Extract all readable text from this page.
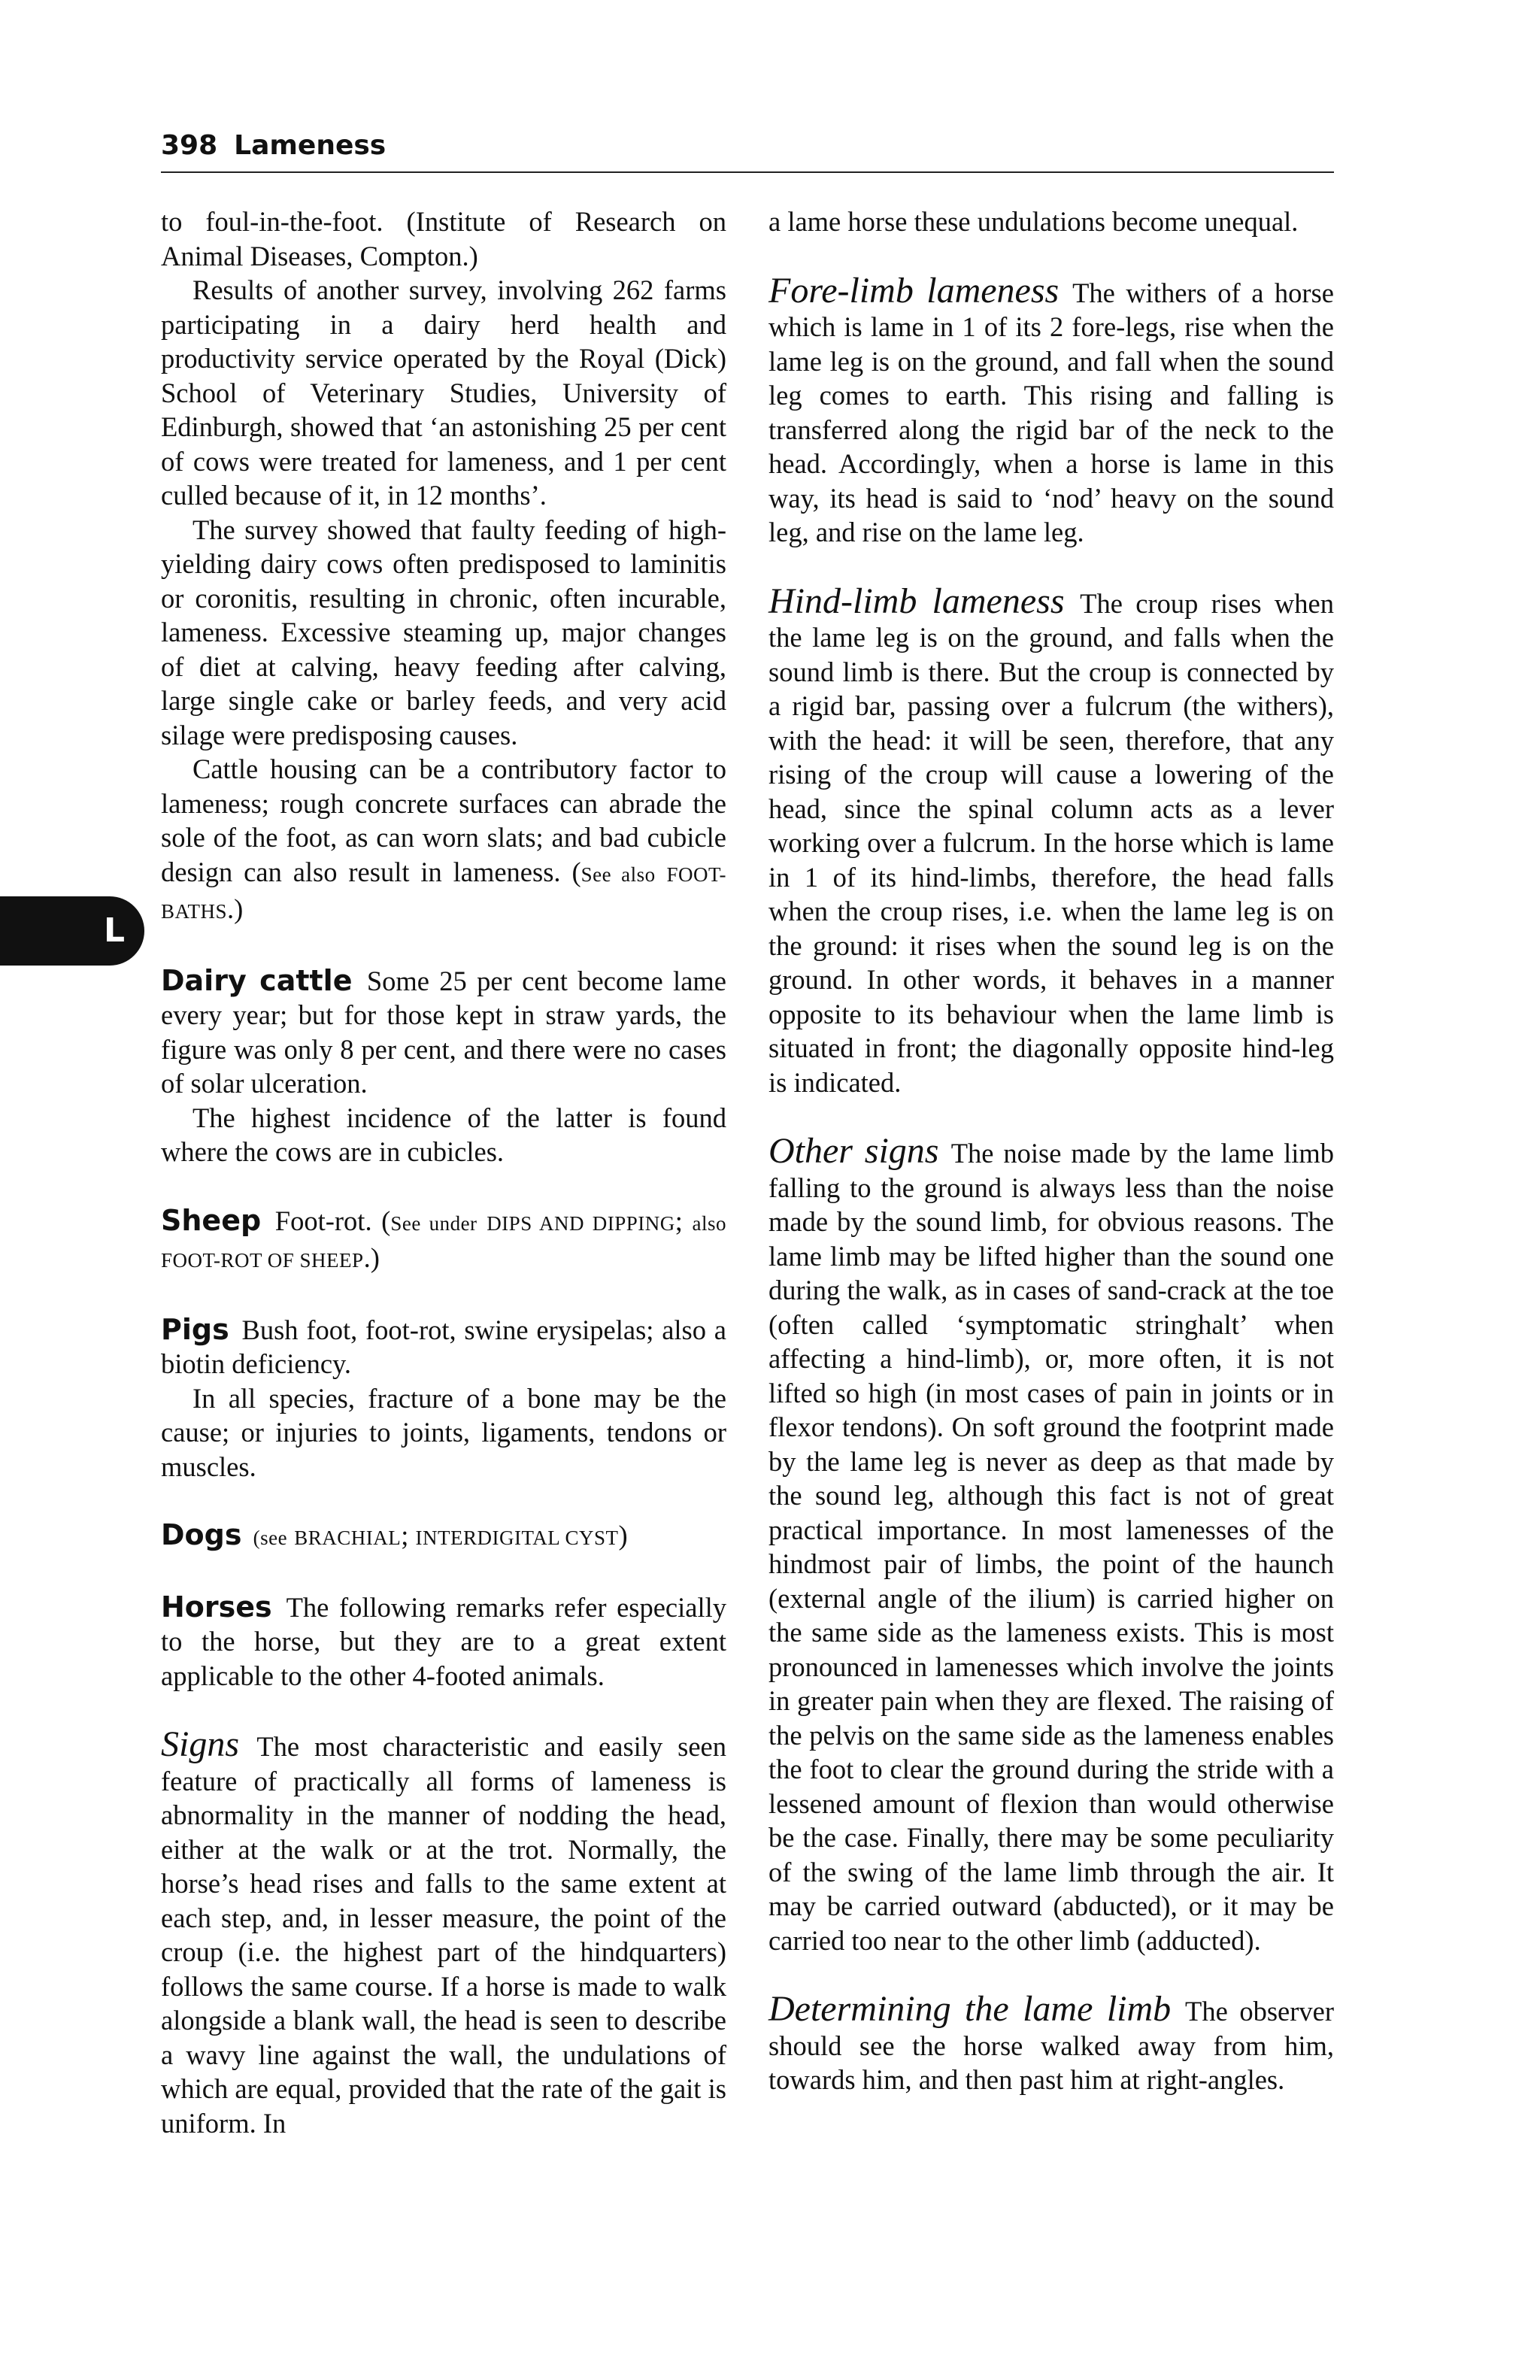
398 Lameness
L

to foul-in-the-foot. (Institute of Research on Animal Diseases, Compton.)

Results of another survey, involving 262 farms participating in a dairy herd health and productivity service operated by the Royal (Dick) School of Veterinary Studies, University of Edinburgh, showed that ‘an astonishing 25 per cent of cows were treated for lameness, and 1 per cent culled because of it, in 12 months’.

The survey showed that faulty feeding of high-yielding dairy cows often predisposed to laminitis or coronitis, resulting in chronic, often incurable, lameness. Excessive steaming up, major changes of diet at calving, heavy feeding after calving, large single cake or barley feeds, and very acid silage were predisposing causes.

Cattle housing can be a contributory factor to lameness; rough concrete surfaces can abrade the sole of the foot, as can worn slats; and bad cubicle design can also result in lameness. (See also FOOT-BATHS.)

Dairy cattle Some 25 per cent become lame every year; but for those kept in straw yards, the figure was only 8 per cent, and there were no cases of solar ulceration.

The highest incidence of the latter is found where the cows are in cubicles.

Sheep Foot-rot. (See under DIPS AND DIPPING; also FOOT-ROT OF SHEEP.)

Pigs Bush foot, foot-rot, swine erysipelas; also a biotin deficiency.

In all species, fracture of a bone may be the cause; or injuries to joints, ligaments, tendons or muscles.

Dogs (see BRACHIAL; INTERDIGITAL CYST)

Horses The following remarks refer especially to the horse, but they are to a great extent applicable to the other 4-footed animals.

Signs The most characteristic and easily seen feature of practically all forms of lameness is abnormality in the manner of nodding the head, either at the walk or at the trot. Normally, the horse’s head rises and falls to the same extent at each step, and, in lesser measure, the point of the croup (i.e. the highest part of the hindquarters) follows the same course. If a horse is made to walk alongside a blank wall, the head is seen to describe a wavy line against the wall, the undulations of which are equal, provided that the rate of the gait is uniform. In

a lame horse these undulations become unequal.

Fore-limb lameness The withers of a horse which is lame in 1 of its 2 fore-legs, rise when the lame leg is on the ground, and fall when the sound leg comes to earth. This rising and falling is transferred along the rigid bar of the neck to the head. Accordingly, when a horse is lame in this way, its head is said to ‘nod’ heavy on the sound leg, and rise on the lame leg.

Hind-limb lameness The croup rises when the lame leg is on the ground, and falls when the sound limb is there. But the croup is connected by a rigid bar, passing over a fulcrum (the withers), with the head: it will be seen, therefore, that any rising of the croup will cause a lowering of the head, since the spinal column acts as a lever working over a fulcrum. In the horse which is lame in 1 of its hind-limbs, therefore, the head falls when the croup rises, i.e. when the lame leg is on the ground: it rises when the sound leg is on the ground. In other words, it behaves in a manner opposite to its behaviour when the lame limb is situated in front; the diagonally opposite hind-leg is indicated.

Other signs The noise made by the lame limb falling to the ground is always less than the noise made by the sound limb, for obvious reasons. The lame limb may be lifted higher than the sound one during the walk, as in cases of sand-crack at the toe (often called ‘symptomatic stringhalt’ when affecting a hind-limb), or, more often, it is not lifted so high (in most cases of pain in joints or in flexor tendons). On soft ground the footprint made by the lame leg is never as deep as that made by the sound leg, although this fact is not of great practical importance. In most lamenesses of the hindmost pair of limbs, the point of the haunch (external angle of the ilium) is carried higher on the same side as the lameness exists. This is most pronounced in lamenesses which involve the joints in greater pain when they are flexed. The raising of the pelvis on the same side as the lameness enables the foot to clear the ground during the stride with a lessened amount of flexion than would otherwise be the case. Finally, there may be some peculiarity of the swing of the lame limb through the air. It may be carried outward (abducted), or it may be carried too near to the other limb (adducted).

Determining the lame limb The observer should see the horse walked away from him, towards him, and then past him at right-angles.
